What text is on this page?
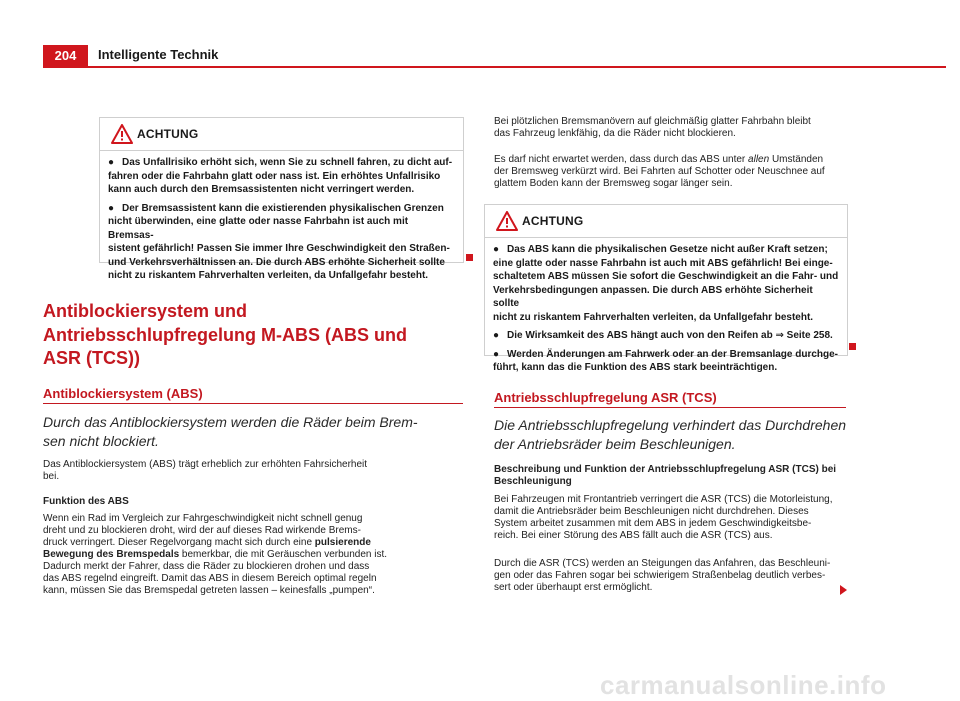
204	Intelligente Technik
ACHTUNG

● Das Unfallrisiko erhöht sich, wenn Sie zu schnell fahren, zu dicht auf-
fahren oder die Fahrbahn glatt oder nass ist. Ein erhöhtes Unfallrisiko
kann auch durch den Bremsassistenten nicht verringert werden.

● Der Bremsassistent kann die existierenden physikalischen Grenzen
nicht überwinden, eine glatte oder nasse Fahrbahn ist auch mit Bremsas-
sistent gefährlich! Passen Sie immer Ihre Geschwindigkeit den Straßen-
und Verkehrsverhältnissen an. Die durch ABS erhöhte Sicherheit sollte
nicht zu riskantem Fahrverhalten verleiten, da Unfallgefahr besteht.

Antiblockiersystem und
Antriebsschlupfregelung M-ABS (ABS und
ASR (TCS))
Antiblockiersystem (ABS)
Durch das Antiblockiersystem werden die Räder beim Brem-
sen nicht blockiert.
Das Antiblockiersystem (ABS) trägt erheblich zur erhöhten Fahrsicherheit
bei.
Funktion des ABS
Wenn ein Rad im Vergleich zur Fahrgeschwindigkeit nicht schnell genug
dreht und zu blockieren droht, wird der auf dieses Rad wirkende Brems-
druck verringert. Dieser Regelvorgang macht sich durch eine pulsierende
Bewegung des Bremspedals bemerkbar, die mit Geräuschen verbunden ist.
Dadurch merkt der Fahrer, dass die Räder zu blockieren drohen und dass
das ABS regelnd eingreift. Damit das ABS in diesem Bereich optimal regeln
kann, müssen Sie das Bremspedal getreten lassen – keinesfalls „pumpen“.
Bei plötzlichen Bremsmanövern auf gleichmäßig glatter Fahrbahn bleibt
das Fahrzeug lenkfähig, da die Räder nicht blockieren.
Es darf nicht erwartet werden, dass durch das ABS unter allen Umständen
der Bremsweg verkürzt wird. Bei Fahrten auf Schotter oder Neuschnee auf
glattem Boden kann der Bremsweg sogar länger sein.
ACHTUNG

● Das ABS kann die physikalischen Gesetze nicht außer Kraft setzen;
eine glatte oder nasse Fahrbahn ist auch mit ABS gefährlich! Bei einge-
schaltetem ABS müssen Sie sofort die Geschwindigkeit an die Fahr- und
Verkehrsbedingungen anpassen. Die durch ABS erhöhte Sicherheit sollte
nicht zu riskantem Fahrverhalten verleiten, da Unfallgefahr besteht.

● Die Wirksamkeit des ABS hängt auch von den Reifen ab ⇒ Seite 258.

● Werden Änderungen am Fahrwerk oder an der Bremsanlage durchge-
führt, kann das die Funktion des ABS stark beeinträchtigen.

Antriebsschlupfregelung ASR (TCS)
Die Antriebsschlupfregelung verhindert das Durchdrehen
der Antriebsräder beim Beschleunigen.
Beschreibung und Funktion der Antriebsschlupfregelung ASR (TCS) bei
Beschleunigung
Bei Fahrzeugen mit Frontantrieb verringert die ASR (TCS) die Motorleistung,
damit die Antriebsräder beim Beschleunigen nicht durchdrehen. Dieses
System arbeitet zusammen mit dem ABS in jedem Geschwindigkeitsbe-
reich. Bei einer Störung des ABS fällt auch die ASR (TCS) aus.
Durch die ASR (TCS) werden an Steigungen das Anfahren, das Beschleuni-
gen oder das Fahren sogar bei schwierigem Straßenbelag deutlich verbes-
sert oder überhaupt erst ermöglicht.
carmanualsonline.info
